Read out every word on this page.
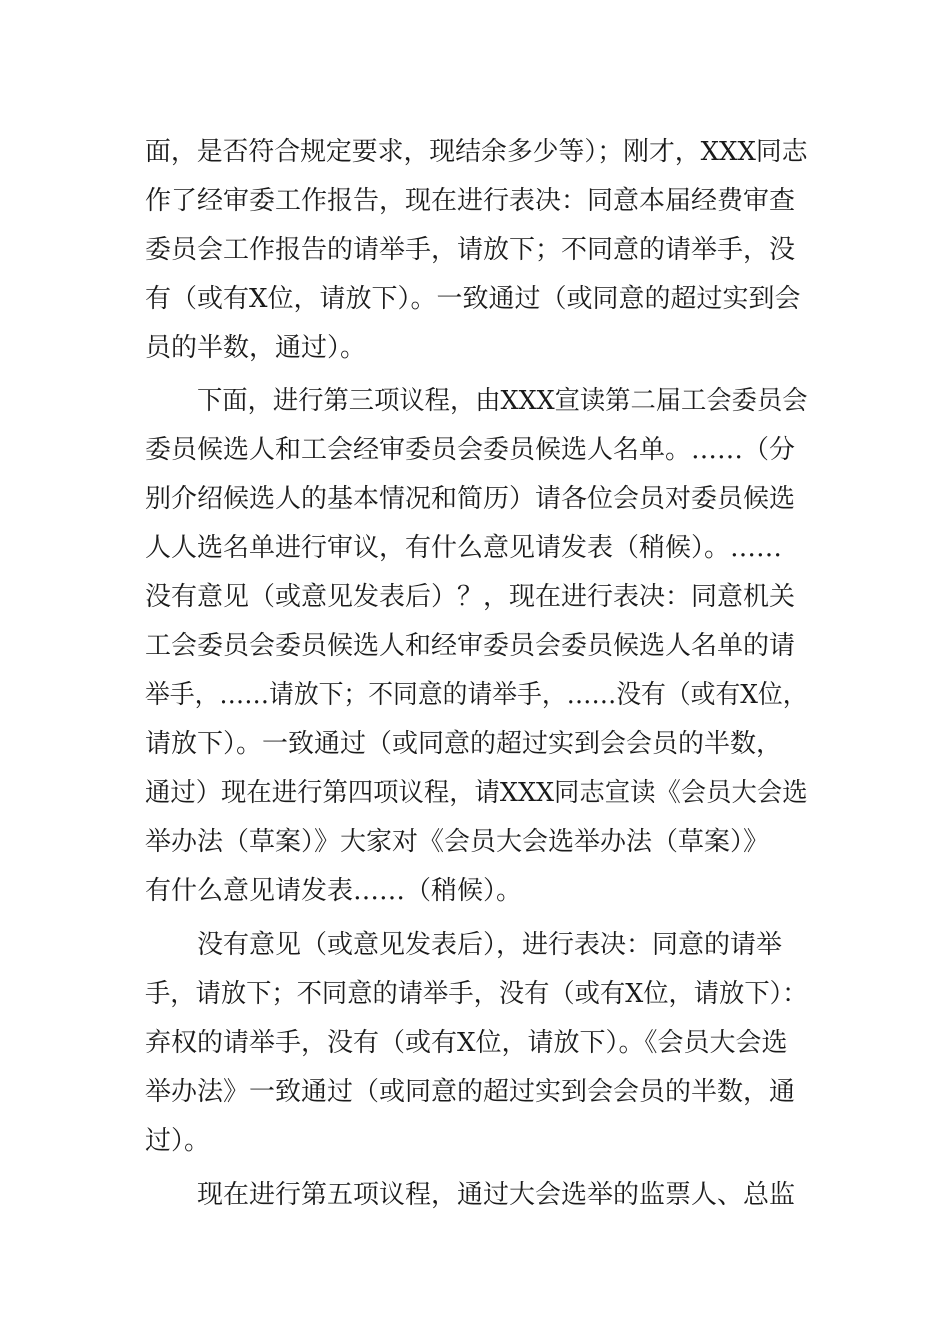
面，是否符合规定要求，现结余多少等）；刚才，XXX同志
作了经审委工作报告，现在进行表决：同意本届经费审查
委员会工作报告的请举手，请放下；不同意的请举手，没
有（或有X位，请放下）。一致通过（或同意的超过实到会
员的半数，通过）。
下面，进行第三项议程，由XXX宣读第二届工会委员会
委员候选人和工会经审委员会委员候选人名单。……（分
别介绍候选人的基本情况和简历）请各位会员对委员候选
人人选名单进行审议，有什么意见请发表（稍候）。……
没有意见（或意见发表后）？，现在进行表决：同意机关
工会委员会委员候选人和经审委员会委员候选人名单的请
举手，……请放下；不同意的请举手，……没有（或有X位，
请放下）。一致通过（或同意的超过实到会会员的半数，
通过）现在进行第四项议程，请XXX同志宣读《会员大会选
举办法（草案）》大家对《会员大会选举办法（草案）》
有什么意见请发表……（稍候）。
没有意见（或意见发表后），进行表决：同意的请举
手，请放下；不同意的请举手，没有（或有X位，请放下）：
弃权的请举手，没有（或有X位，请放下）。《会员大会选
举办法》一致通过（或同意的超过实到会会员的半数，通
过）。
现在进行第五项议程，通过大会选举的监票人、总监
